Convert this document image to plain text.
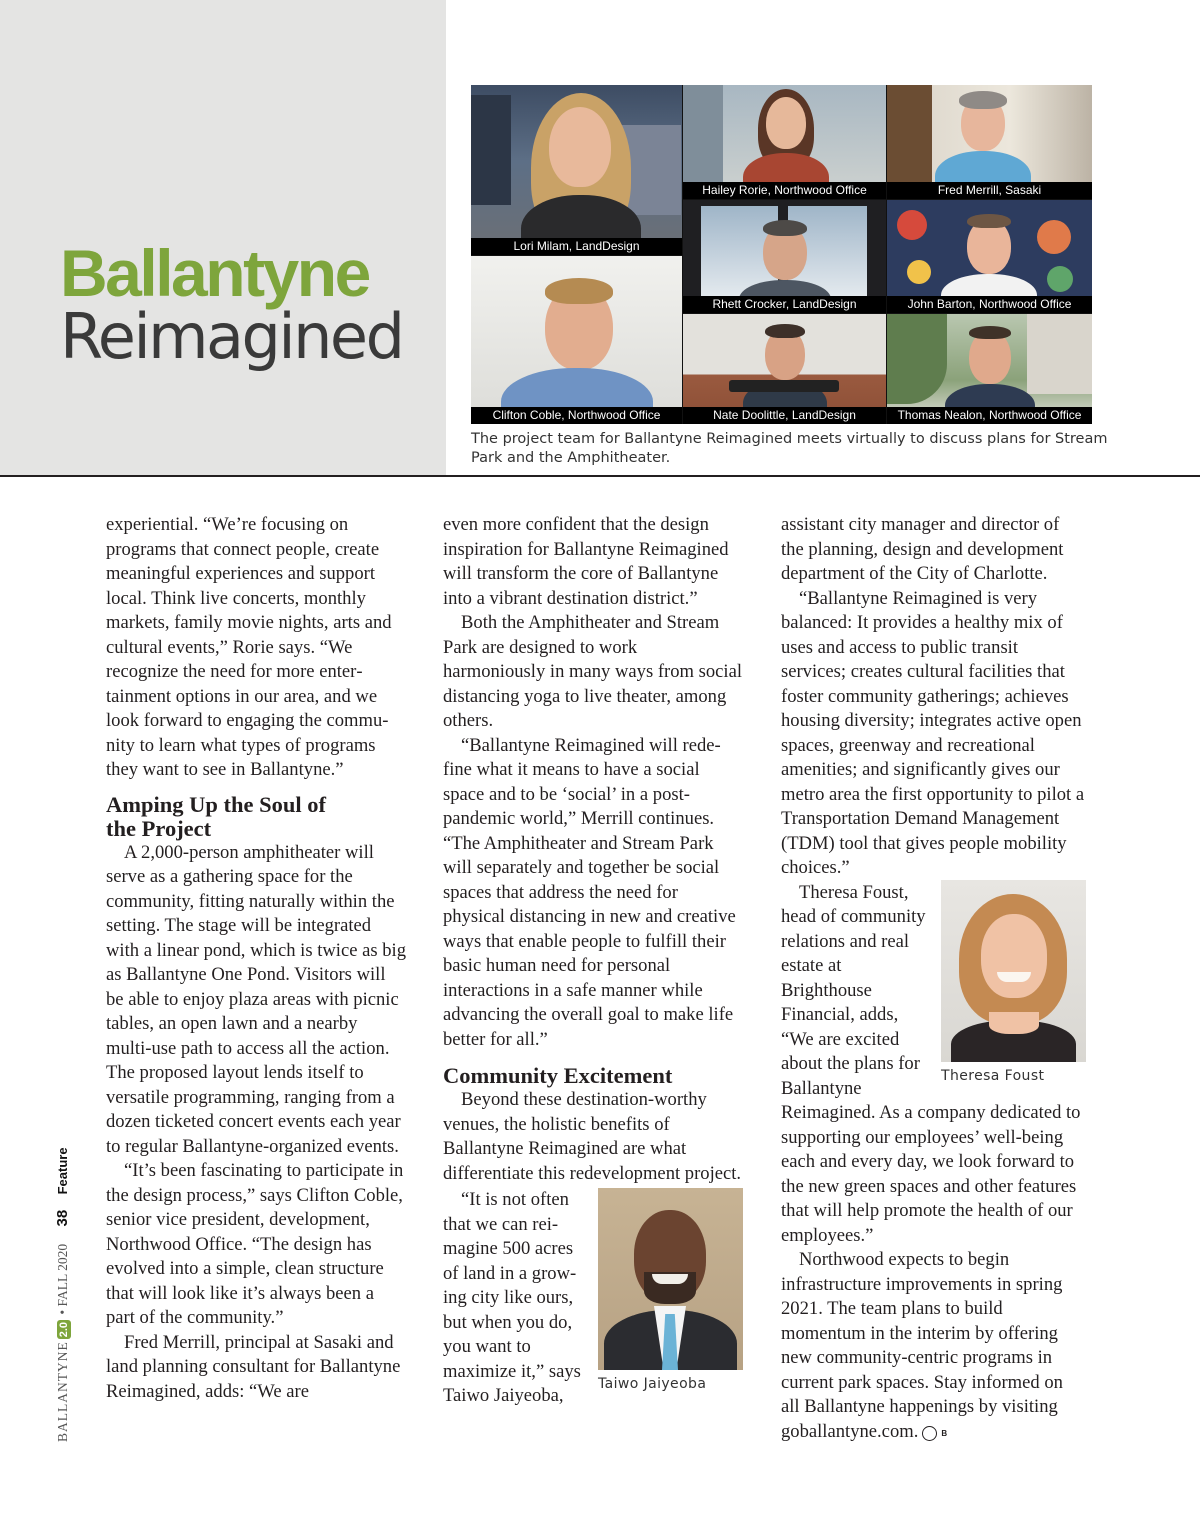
Ballantyne
Reimagined
Lori Milam, LandDesign
Hailey Rorie, Northwood Office	Fred Merrill, Sasaki
Rhett Crocker, LandDesign	John Barton, Northwood Office
Clifton Coble, Northwood Office	Nate Doolittle, LandDesign	Thomas Nealon, Northwood Office
The project team for Ballantyne Reimagined meets virtually to discuss plans for Stream Park and the Amphitheater.

experiential. “We’re focusing on programs that connect people, create meaningful experiences and support local. Think live concerts, monthly markets, family movie nights, arts and cultural events,” Rorie says. “We recognize the need for more entertainment options in our area, and we look forward to engaging the community to learn what types of programs they want to see in Ballantyne.”

Amping Up the Soul of the Project

A 2,000-person amphitheater will serve as a gathering space for the community, fitting naturally within the setting. The stage will be integrated with a linear pond, which is twice as big as Ballantyne One Pond. Visitors will be able to enjoy plaza areas with picnic tables, an open lawn and a nearby multi-use path to access all the action. The proposed layout lends itself to versatile programming, ranging from a dozen ticketed concert events each year to regular Ballantyne-organized events.

“It’s been fascinating to participate in the design process,” says Clifton Coble, senior vice president, development, Northwood Office. “The design has evolved into a simple, clean structure that will look like it’s always been a part of the community.”

Fred Merrill, principal at Sasaki and land planning consultant for Ballantyne Reimagined, adds: “We are

even more confident that the design inspiration for Ballantyne Reimagined will transform the core of Ballantyne into a vibrant destination district.”

Both the Amphitheater and Stream Park are designed to work harmoniously in many ways from social distancing yoga to live theater, among others.

“Ballantyne Reimagined will redefine what it means to have a social space and to be ‘social’ in a post-pandemic world,” Merrill continues. “The Amphitheater and Stream Park will separately and together be social spaces that address the need for physical distancing in new and creative ways that enable people to fulfill their basic human need for personal interactions in a safe manner while advancing the overall goal to make life better for all.”

Community Excitement

Beyond these destination-worthy venues, the holistic benefits of Ballantyne Reimagined are what differentiate this redevelopment project.

Taiwo Jaiyeoba

“It is not often that we can reimagine 500 acres of land in a growing city like ours, but when you do, you want to maximize it,” says Taiwo Jaiyeoba,

assistant city manager and director of the planning, design and development department of the City of Charlotte.

“Ballantyne Reimagined is very balanced: It provides a healthy mix of uses and access to public transit services; creates cultural facilities that foster community gatherings; achieves housing diversity; integrates active open spaces, greenway and recreational amenities; and significantly gives our metro area the first opportunity to pilot a Transportation Demand Management (TDM) tool that gives people mobility choices.”

Theresa Foust

Theresa Foust, head of community relations and real estate at Brighthouse Financial, adds, “We are excited about the plans for Ballantyne Reimagined. As a company dedicated to supporting our employees’ well-being each and every day, we look forward to the new green spaces and other features that will help promote the health of our employees.”

Northwood expects to begin infrastructure improvements in spring 2021. The team plans to build momentum in the interim by offering new community-centric programs in current park spaces. Stay informed on all Ballantyne happenings by visiting goballantyne.com.	B

BALLANTYNE2.0 • FALL 2020 38 Feature
